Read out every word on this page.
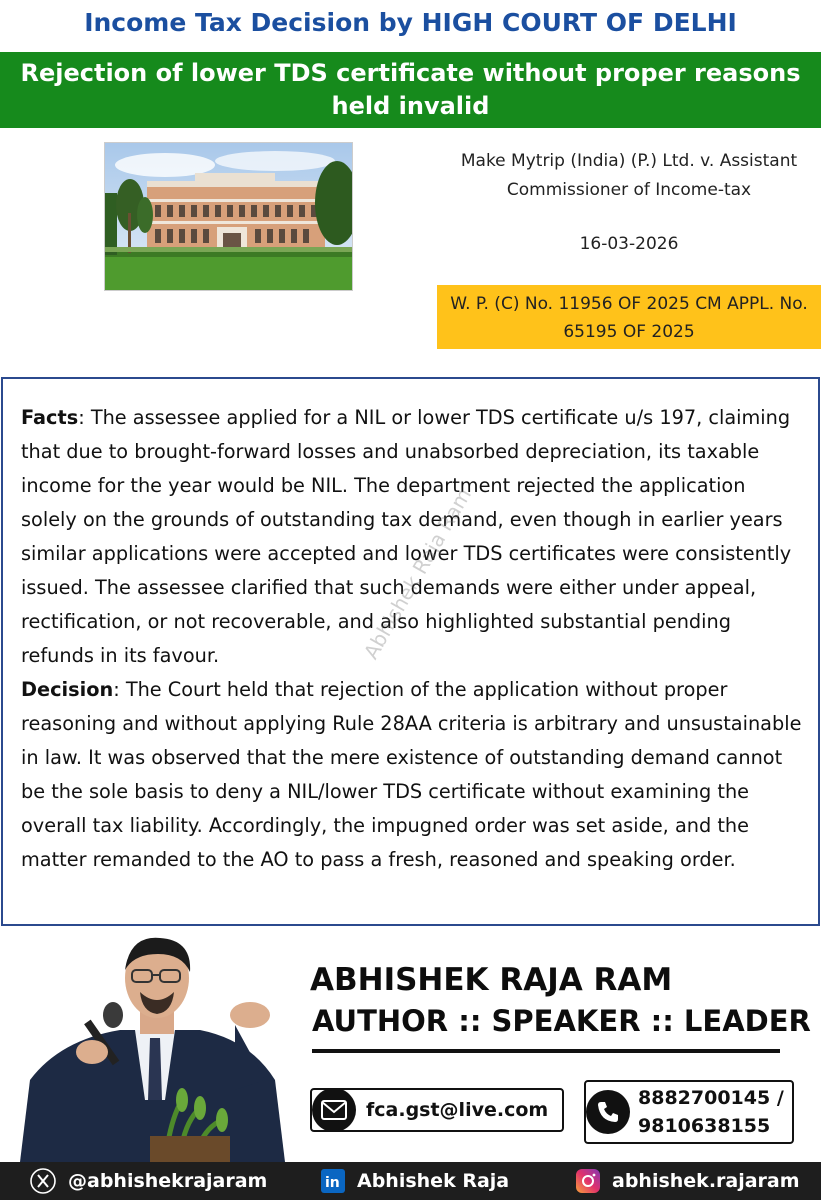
Income Tax Decision by HIGH COURT OF DELHI
Rejection of lower TDS certificate without proper reasons held invalid
Make Mytrip (India) (P.) Ltd. v. Assistant Commissioner of Income-tax
16-03-2026
W. P. (C) No. 11956 OF 2025 CM APPL. No. 65195 OF 2025

Facts: The assessee applied for a NIL or lower TDS certificate u/s 197, claiming that due to brought-forward losses and unabsorbed depreciation, its taxable income for the year would be NIL. The department rejected the application solely on the grounds of outstanding tax demand, even though in earlier years similar applications were accepted and lower TDS certificates were consistently issued. The assessee clarified that such demands were either under appeal, rectification, or not recoverable, and also highlighted substantial pending refunds in its favour.

Decision: The Court held that rejection of the application without proper reasoning and without applying Rule 28AA criteria is arbitrary and unsustainable in law. It was observed that the mere existence of outstanding demand cannot be the sole basis to deny a NIL/lower TDS certificate without examining the overall tax liability. Accordingly, the impugned order was set aside, and the matter remanded to the AO to pass a fresh, reasoned and speaking order.

Abhishek Raja Ram
ABHISHEK RAJA RAM
AUTHOR :: SPEAKER :: LEADER
fca.gst@live.com
8882700145 /
9810638155
@abhishekrajaram	in Abhishek Raja	abhishek.rajaram
